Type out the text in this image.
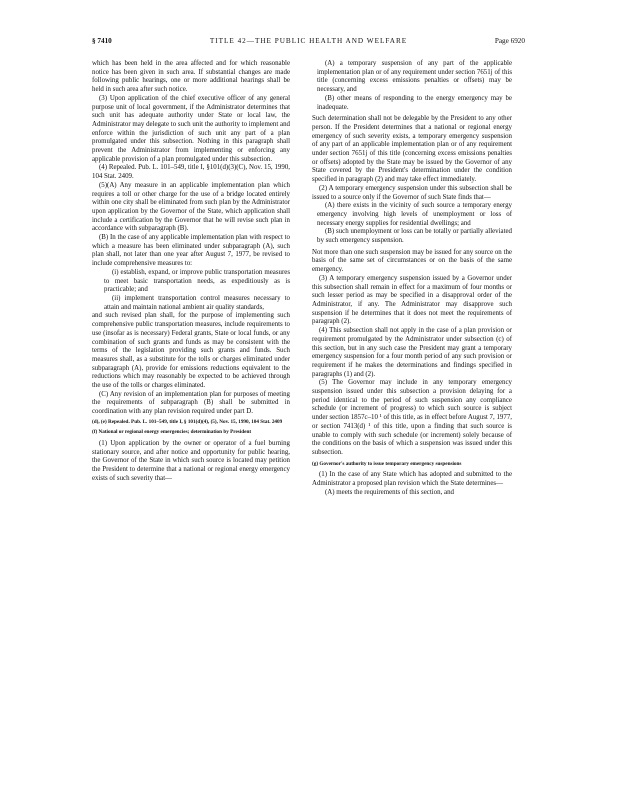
§ 7410	TITLE 42—THE PUBLIC HEALTH AND WELFARE	Page 6920

which has been held in the area affected and for which reasonable notice has been given in such area. If substantial changes are made following public hearings, one or more additional hearings shall be held in such area after such notice.

(3) Upon application of the chief executive officer of any general purpose unit of local government, if the Administrator determines that such unit has adequate authority under State or local law, the Administrator may delegate to such unit the authority to implement and enforce within the jurisdiction of such unit any part of a plan promulgated under this subsection. Nothing in this paragraph shall prevent the Administrator from implementing or enforcing any applicable provision of a plan promulgated under this subsection.

(4) Repealed. Pub. L. 101–549, title I, §101(d)(3)(C), Nov. 15, 1990, 104 Stat. 2409.

(5)(A) Any measure in an applicable implementation plan which requires a toll or other charge for the use of a bridge located entirely within one city shall be eliminated from such plan by the Administrator upon application by the Governor of the State, which application shall include a certification by the Governor that he will revise such plan in accordance with subparagraph (B).

(B) In the case of any applicable implementation plan with respect to which a measure has been eliminated under subparagraph (A), such plan shall, not later than one year after August 7, 1977, be revised to include comprehensive measures to:

(i) establish, expand, or improve public transportation measures to meet basic transportation needs, as expeditiously as is practicable; and

(ii) implement transportation control measures necessary to attain and maintain national ambient air quality standards,

and such revised plan shall, for the purpose of implementing such comprehensive public transportation measures, include requirements to use (insofar as is necessary) Federal grants, State or local funds, or any combination of such grants and funds as may be consistent with the terms of the legislation providing such grants and funds. Such measures shall, as a substitute for the tolls or charges eliminated under subparagraph (A), provide for emissions reductions equivalent to the reductions which may reasonably be expected to be achieved through the use of the tolls or charges eliminated.

(C) Any revision of an implementation plan for purposes of meeting the requirements of subparagraph (B) shall be submitted in coordination with any plan revision required under part D.

(d), (e) Repealed. Pub. L. 101–549, title I, § 101(d)(4), (5), Nov. 15, 1990, 104 Stat. 2409

(f) National or regional energy emergencies; determination by President

(1) Upon application by the owner or operator of a fuel burning stationary source, and after notice and opportunity for public hearing, the Governor of the State in which such source is located may petition the President to determine that a national or regional energy emergency exists of such severity that—

(A) a temporary suspension of any part of the applicable implementation plan or of any requirement under section 7651j of this title (concerning excess emissions penalties or offsets) may be necessary, and

(B) other means of responding to the energy emergency may be inadequate.

Such determination shall not be delegable by the President to any other person. If the President determines that a national or regional energy emergency of such severity exists, a temporary emergency suspension of any part of an applicable implementation plan or of any requirement under section 7651j of this title (concerning excess emissions penalties or offsets) adopted by the State may be issued by the Governor of any State covered by the President's determination under the condition specified in paragraph (2) and may take effect immediately.

(2) A temporary emergency suspension under this subsection shall be issued to a source only if the Governor of such State finds that—

(A) there exists in the vicinity of such source a temporary energy emergency involving high levels of unemployment or loss of necessary energy supplies for residential dwellings; and

(B) such unemployment or loss can be totally or partially alleviated by such emergency suspension.

Not more than one such suspension may be issued for any source on the basis of the same set of circumstances or on the basis of the same emergency.

(3) A temporary emergency suspension issued by a Governor under this subsection shall remain in effect for a maximum of four months or such lesser period as may be specified in a disapproval order of the Administrator, if any. The Administrator may disapprove such suspension if he determines that it does not meet the requirements of paragraph (2).

(4) This subsection shall not apply in the case of a plan provision or requirement promulgated by the Administrator under subsection (c) of this section, but in any such case the President may grant a temporary emergency suspension for a four month period of any such provision or requirement if he makes the determinations and findings specified in paragraphs (1) and (2).

(5) The Governor may include in any temporary emergency suspension issued under this subsection a provision delaying for a period identical to the period of such suspension any compliance schedule (or increment of progress) to which such source is subject under section 1857c–10 ¹ of this title, as in effect before August 7, 1977, or section 7413(d) ¹ of this title, upon a finding that such source is unable to comply with such schedule (or increment) solely because of the conditions on the basis of which a suspension was issued under this subsection.

(g) Governor's authority to issue temporary emergency suspensions

(1) In the case of any State which has adopted and submitted to the Administrator a proposed plan revision which the State determines—

(A) meets the requirements of this section, and
